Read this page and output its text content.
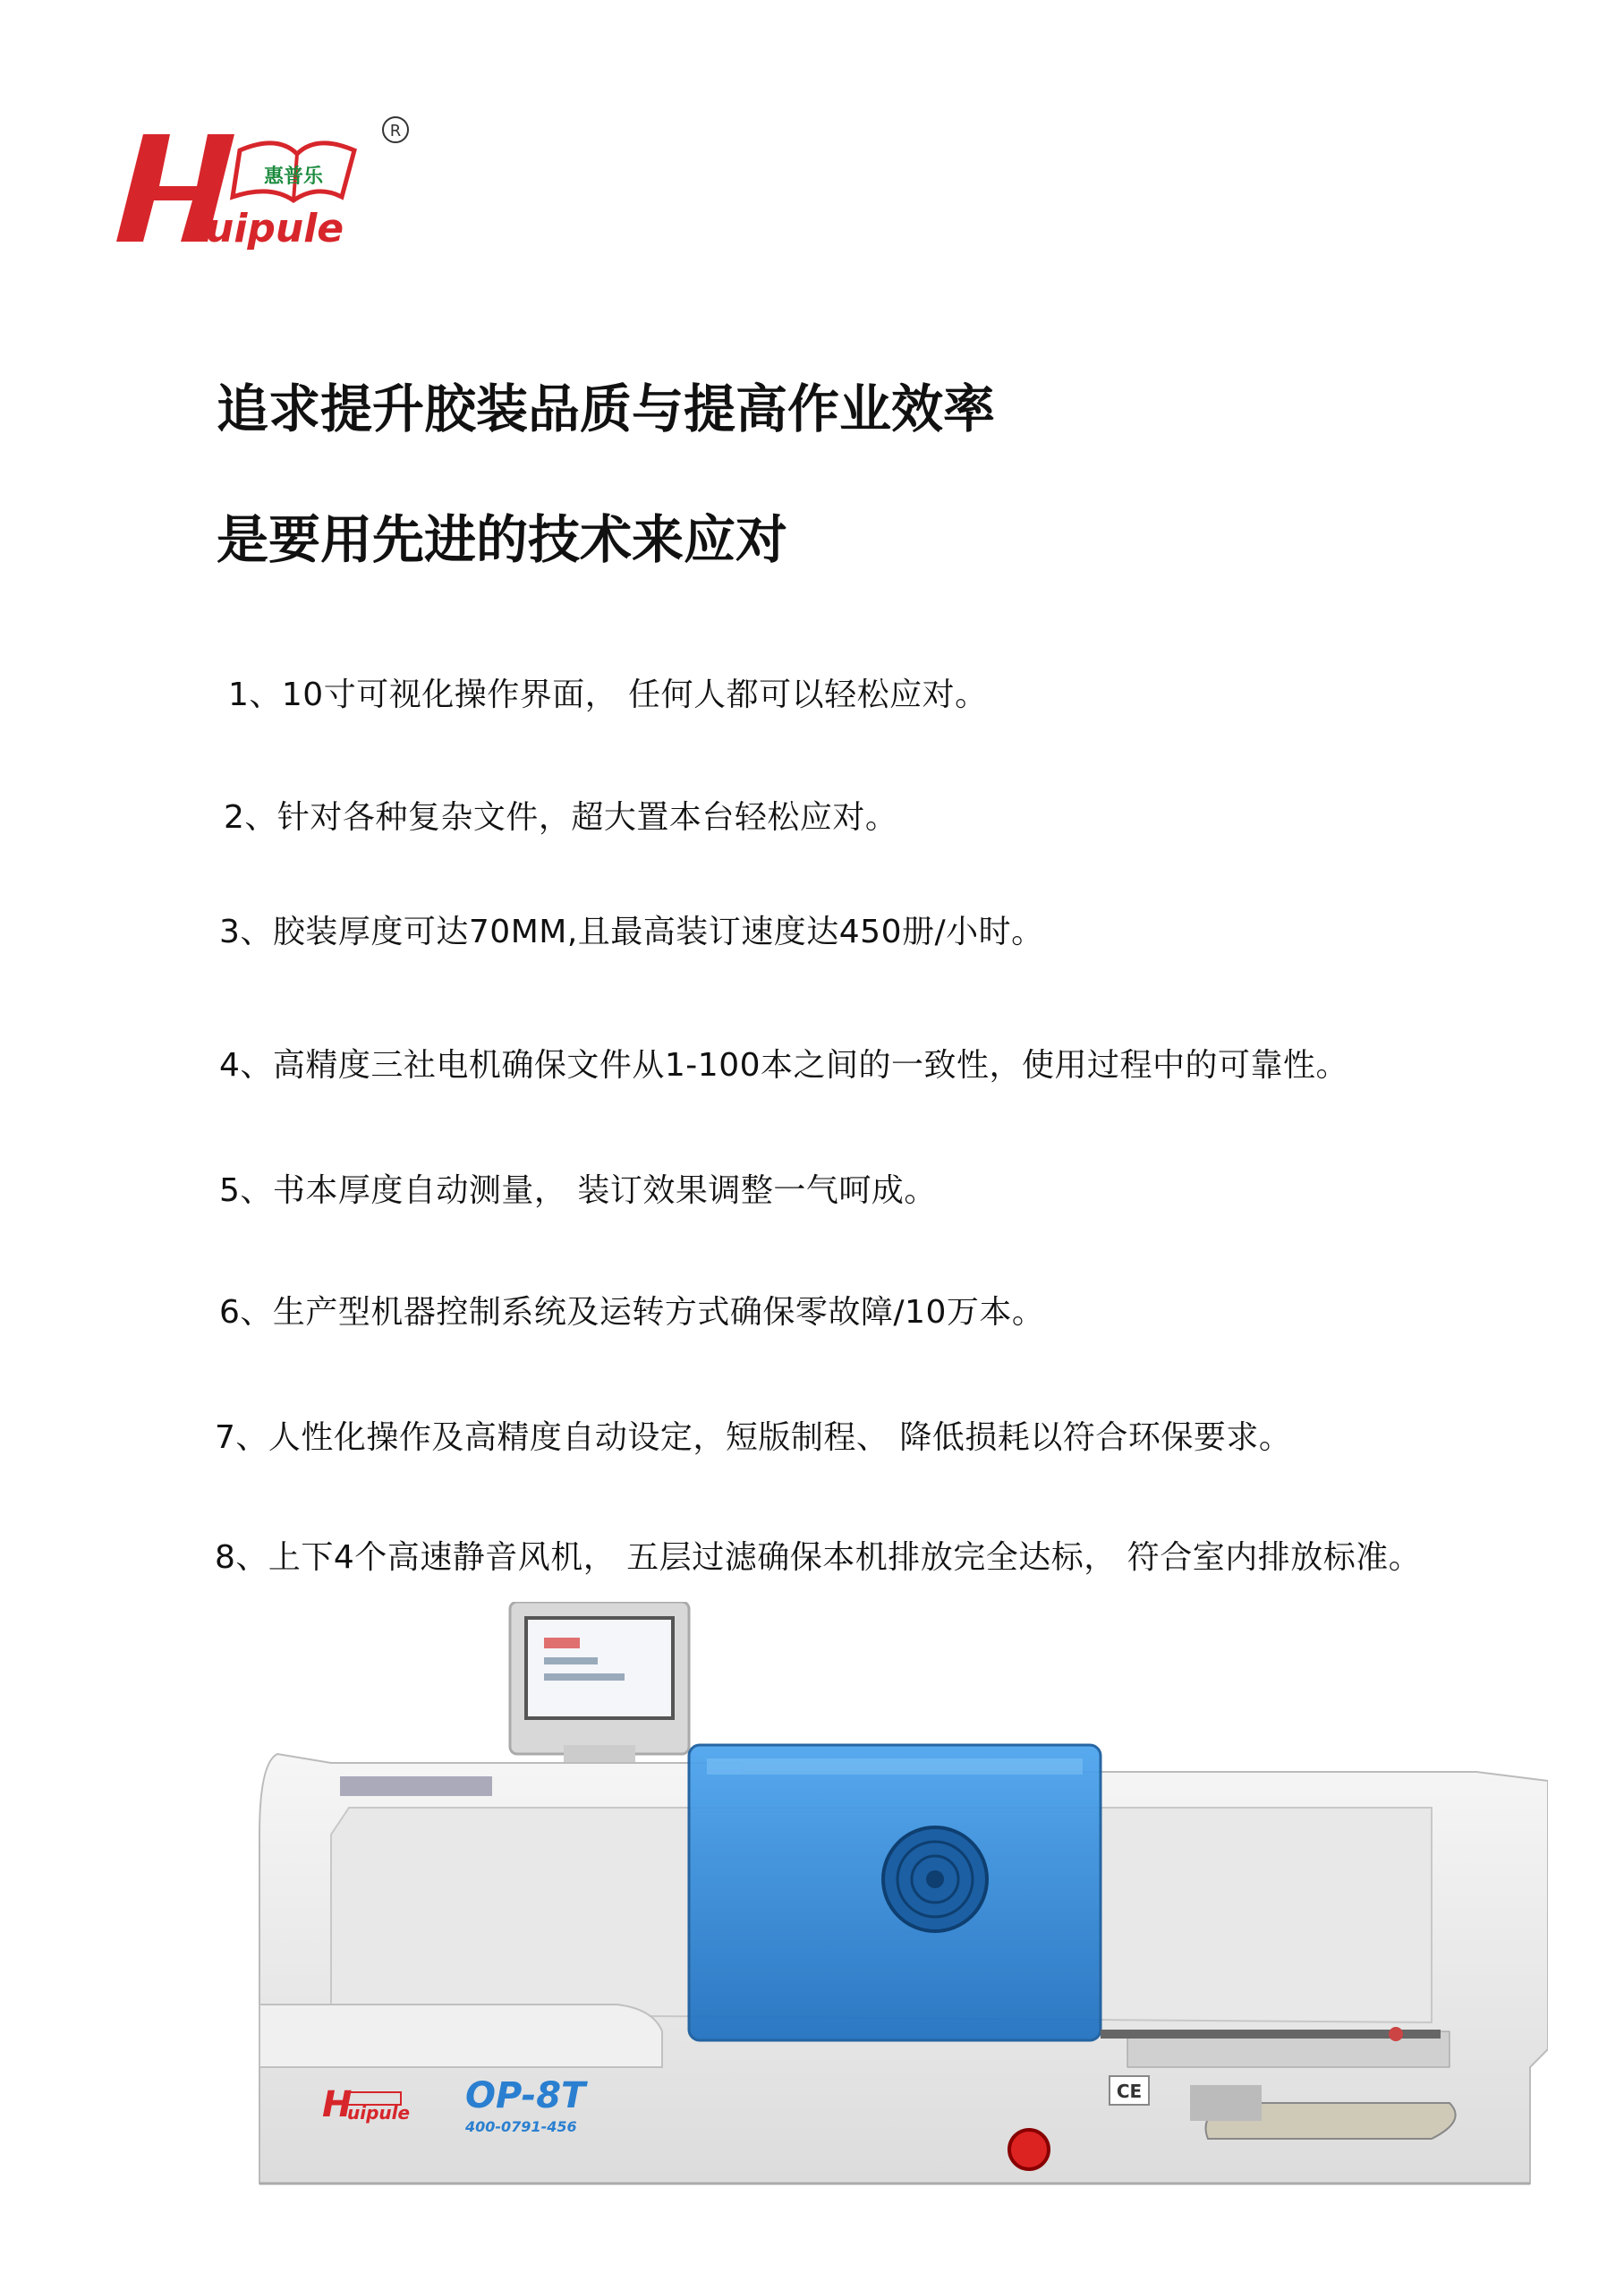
惠普乐
uipule
R
追求提升胶装品质与提高作业效率
是要用先进的技术来应对

1、10寸可视化操作界面， 任何人都可以轻松应对。

2、针对各种复杂文件，超大置本台轻松应对。

3、胶装厚度可达70MM,且最高装订速度达450册/小时。

4、高精度三社电机确保文件从1-100本之间的一致性，使用过程中的可靠性。

5、书本厚度自动测量， 装订效果调整一气呵成。

6、生产型机器控制系统及运转方式确保零故障/10万本。

7、人性化操作及高精度自动设定，短版制程、 降低损耗以符合环保要求。

8、上下4个高速静音风机， 五层过滤确保本机排放完全达标， 符合室内排放标准。

H
uipule OP-8T
400-0791-456
CE
